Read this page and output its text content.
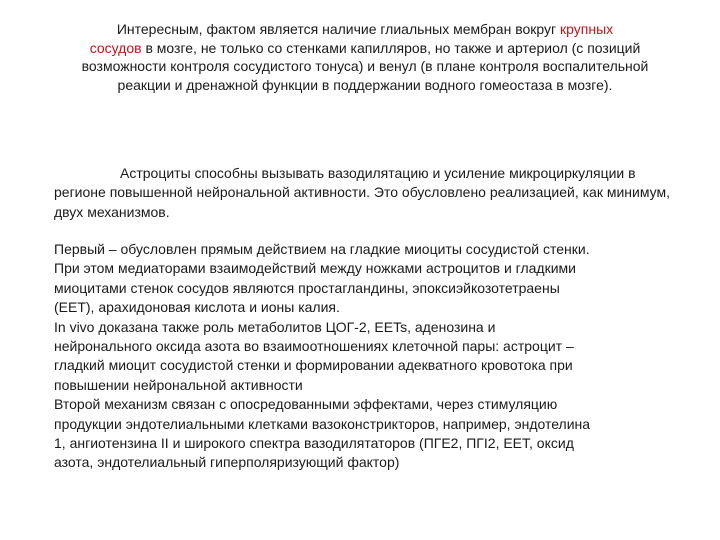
Интересным, фактом является наличие глиальных мембран вокруг крупных
сосудов в мозге, не только со стенками капилляров, но также и артериол (с позиций возможности контроля сосудистого тонуса) и венул (в плане контроля воспалительной реакции и дренажной функции в поддержании водного гомеостаза в мозге).
Астроциты способны вызывать вазодилятацию и усиление микроциркуляции в регионе повышенной нейрональной активности. Это обусловлено реализацией, как минимум, двух механизмов.
Первый – обусловлен прямым действием на гладкие миоциты сосудистой стенки.
При этом медиаторами взаимодействий между ножками астроцитов и гладкими
миоцитами стенок сосудов являются простагландины, эпоксиэйкозотетраены
(ЕЕТ), арахидоновая кислота и ионы калия.
In vivo доказана также роль метаболитов ЦОГ-2, EETs, аденозина и
нейронального оксида азота во взаимоотношениях клеточной пары: астроцит –
гладкий миоцит сосудистой стенки и формировании адекватного кровотока при
повышении нейрональной активности
Второй механизм связан с опосредованными эффектами, через стимуляцию
продукции эндотелиальными клетками вазоконстрикторов, например, эндотелина
1, ангиотензина II и широкого спектра вазодилятаторов (ПГЕ2, ПГI2, ЕЕТ, оксид
азота, эндотелиальный гиперполяризующий фактор)
